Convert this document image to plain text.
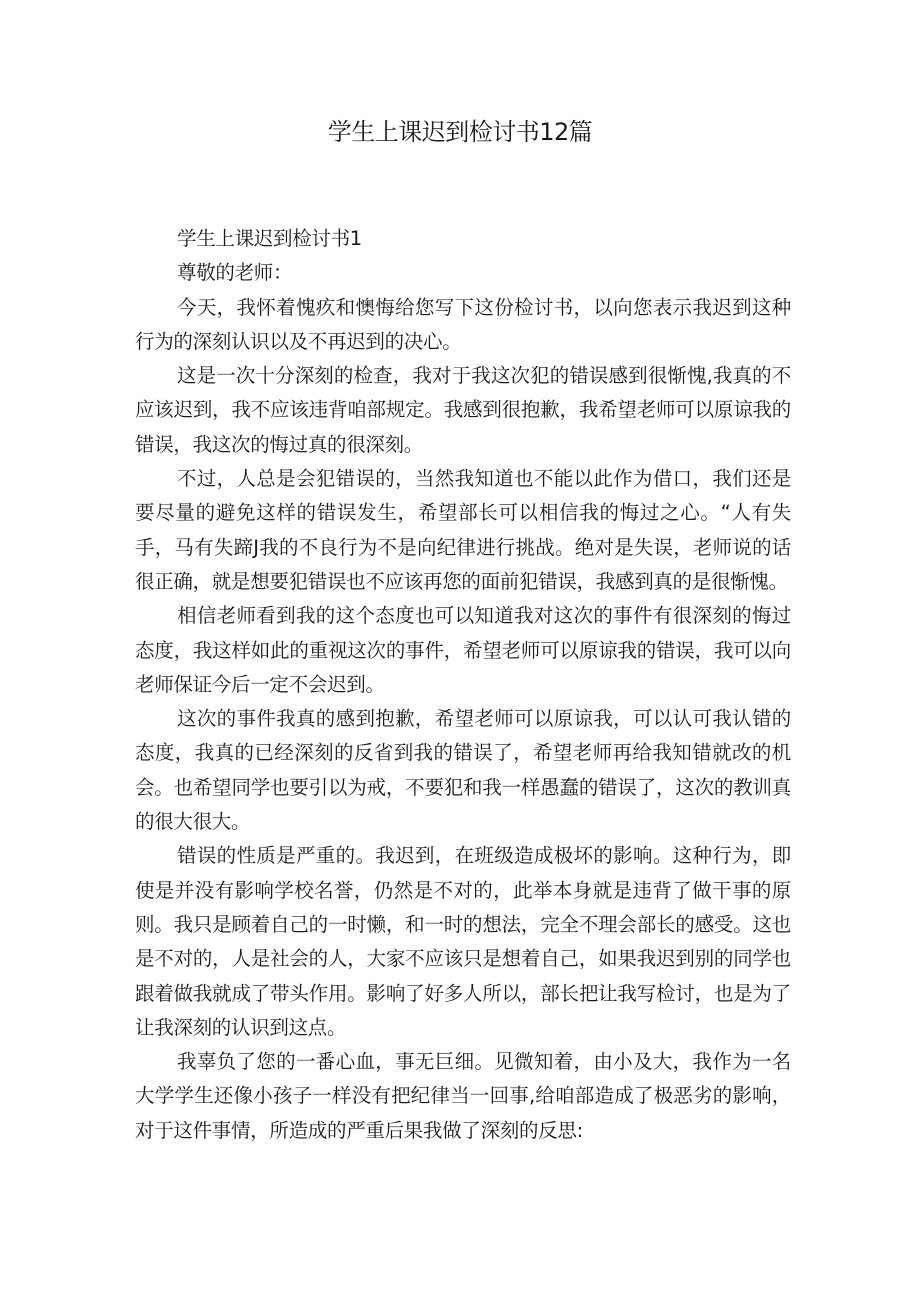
学生上课迟到检讨书12篇

学生上课迟到检讨书1

尊敬的老师：

今天，我怀着愧疚和懊悔给您写下这份检讨书，以向您表示我迟到这种行为的深刻认识以及不再迟到的决心。

这是一次十分深刻的检查，我对于我这次犯的错误感到很惭愧,我真的不应该迟到，我不应该违背咱部规定。我感到很抱歉，我希望老师可以原谅我的错误，我这次的悔过真的很深刻。

不过，人总是会犯错误的，当然我知道也不能以此作为借口，我们还是要尽量的避免这样的错误发生，希望部长可以相信我的悔过之心。“人有失手，马有失蹄J我的不良行为不是向纪律进行挑战。绝对是失误，老师说的话很正确，就是想要犯错误也不应该再您的面前犯错误，我感到真的是很惭愧。

相信老师看到我的这个态度也可以知道我对这次的事件有很深刻的悔过态度，我这样如此的重视这次的事件，希望老师可以原谅我的错误，我可以向老师保证今后一定不会迟到。

这次的事件我真的感到抱歉，希望老师可以原谅我，可以认可我认错的态度，我真的已经深刻的反省到我的错误了，希望老师再给我知错就改的机会。也希望同学也要引以为戒，不要犯和我一样愚蠢的错误了，这次的教训真的很大很大。

错误的性质是严重的。我迟到，在班级造成极坏的影响。这种行为，即使是并没有影响学校名誉，仍然是不对的，此举本身就是违背了做干事的原则。我只是顾着自己的一时懒，和一时的想法，完全不理会部长的感受。这也是不对的，人是社会的人，大家不应该只是想着自己，如果我迟到别的同学也跟着做我就成了带头作用。影响了好多人所以，部长把让我写检讨，也是为了让我深刻的认识到这点。

我辜负了您的一番心血，事无巨细。见微知着，由小及大，我作为一名大学学生还像小孩子一样没有把纪律当一回事,给咱部造成了极恶劣的影响，对于这件事情，所造成的严重后果我做了深刻的反思:
